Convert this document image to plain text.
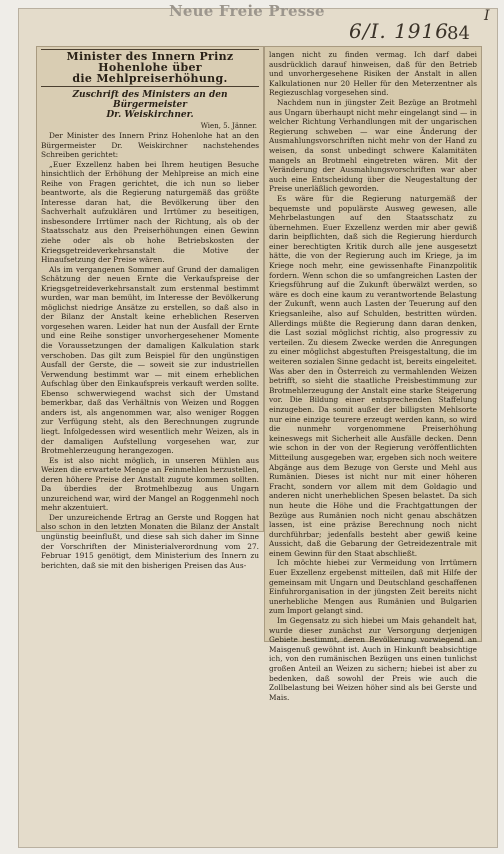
Neue Freie Presse
6/I. 1916
84
I
Minister des Innern Prinz Hohenlohe über
die Mehlpreiserhöhung.
Zuschrift des Ministers an den Bürgermeister
Dr. Weiskirchner.
Wien, 5. Jänner.

Der Minister des Innern Prinz Hohenlohe hat an den Bürgermeister Dr. Weiskirchner nachstehendes Schreiben gerichtet:

„Euer Exzellenz haben bei Ihrem heutigen Besuche hinsichtlich der Erhöhung der Mehlpreise an mich eine Reihe von Fragen gerichtet, die ich nun so lieber beantworte, als die Regierung naturgemäß das größte Interesse daran hat, die Bevölkerung über den Sachverhalt aufzuklären und Irrtümer zu beseitigen, insbesondere Irrtümer nach der Richtung, als ob der Staatsschatz aus den Preiserhöhungen einen Gewinn ziehe oder als ob hohe Betriebskosten der Kriegsgetreideverkehrsanstalt die Motive der Hinaufsetzung der Preise wären.

Als im vergangenen Sommer auf Grund der damaligen Schätzung der neuen Ernte die Verkaufspreise der Kriegsgetreideverkehrsanstalt zum erstenmal bestimmt wurden, war man bemüht, im Interesse der Bevölkerung möglichst niedrige Ansätze zu erstellen, so daß also in der Bilanz der Anstalt keine erheblichen Reserven vorgesehen waren. Leider hat nun der Ausfall der Ernte und eine Reihe sonstiger unvorhergesehener Momente die Voraussetzungen der damaligen Kalkulation stark verschoben. Das gilt zum Beispiel für den ungünstigen Ausfall der Gerste, die — soweit sie zur industriellen Verwendung bestimmt war — mit einem erheblichen Aufschlag über den Einkaufspreis verkauft werden sollte. Ebenso schwerwiegend wachst sich der Umstand bemerkbar, daß das Verhältnis von Weizen und Roggen anders ist, als angenommen war, also weniger Roggen zur Verfügung steht, als den Berechnungen zugrunde liegt. Infolgedessen wird wesentlich mehr Weizen, als in der damaligen Aufstellung vorgesehen war, zur Brotmehlerzeugung herangezogen.

Es ist also nicht möglich, in unseren Mühlen aus Weizen die erwartete Menge an Feinmehlen herzustellen, deren höhere Preise der Anstalt zugute kommen sollten. Da überdies der Brotmehlbezug aus Ungarn unzureichend war, wird der Mangel an Roggenmehl noch mehr akzentuiert.

Der unzureichende Ertrag an Gerste und Roggen hat also schon in den letzten Monaten die Bilanz der Anstalt ungünstig beeinflußt, und diese sah sich daher im Sinne der Vorschriften der Ministerialverordnung vom 27. Februar 1915 genötigt, dem Ministerium des Innern zu berichten, daß sie mit den bisherigen Preisen das Aus-

langen nicht zu finden vermag. Ich darf dabei ausdrücklich darauf hinweisen, daß für den Betrieb und unvorhergesehene Risiken der Anstalt in allen Kalkulationen nur 20 Heller für den Meterzentner als Regiezuschlag vorgesehen sind.

Nachdem nun in jüngster Zeit Bezüge an Brotmehl aus Ungarn überhaupt nicht mehr eingelangt sind — in welcher Richtung Verhandlungen mit der ungarischen Regierung schweben — war eine Änderung der Ausmahlungsvorschriften nicht mehr von der Hand zu weisen, da sonst unbedingt schwere Kalamitäten mangels an Brotmehl eingetreten wären. Mit der Veränderung der Ausmahlungsvorschriften war aber auch eine Entscheidung über die Neugestaltung der Preise unerläßlich geworden.

Es wäre für die Regierung naturgemäß der bequemste und populärste Ausweg gewesen, alle Mehrbelastungen auf den Staatsschatz zu übernehmen. Euer Exzellenz werden mir aber gewiß darin beipflichten, daß sich die Regierung hierdurch einer berechtigten Kritik durch alle jene ausgesetzt hätte, die von der Regierung auch im Kriege, ja im Kriege noch mehr, eine gewissenhafte Finanzpolitik fordern. Wenn schon die so umfangreichen Lasten der Kriegsführung auf die Zukunft überwälzt werden, so wäre es doch eine kaum zu verantwortende Belastung der Zukunft, wenn auch Lasten der Teuerung auf den Kriegsanleihe, also auf Schulden, bestritten würden. Allerdings müßte die Regierung dann daran denken, die Last sozial möglichst richtig, also progressiv zu verteilen. Zu diesem Zwecke werden die Anregungen zu einer möglichst abgestuften Preisgestaltung, die im weiteren sozialen Sinne gedacht ist, bereits eingeleitet. Was aber den in Österreich zu vermahlenden Weizen betrifft, so sieht die staatliche Preisbestimmung zur Brotmehlerzeugung der Anstalt eine starke Steigerung vor. Die Bildung einer entsprechenden Staffelung einzugeben. Da somit außer der billigsten Mehlsorte nur eine einzige teurere erzeugt werden kann, so wird die nunmehr vorgenommene Preiserhöhung keineswegs mit Sicherheit alle Ausfälle decken. Denn wie schon in der von der Regierung veröffentlichten Mitteilung ausgegeben war, ergeben sich noch weitere Abgänge aus dem Bezuge von Gerste und Mehl aus Rumänien. Dieses ist nicht nur mit einer höheren Fracht, sondern vor allem mit dem Goldagio und anderen nicht unerheblichen Spesen belastet. Da sich nun heute die Höhe und die Frachtgattungen der Bezüge aus Rumänien noch nicht genau abschätzen lassen, ist eine präzise Berechnung noch nicht durchführbar; jedenfalls besteht aber gewiß keine Aussicht, daß die Gebarung der Getreidezentrale mit einem Gewinn für den Staat abschließt.

Ich möchte hiebei zur Vermeidung von Irrtümern Euer Exzellenz ergebenst mitteilen, daß mit Hilfe der gemeinsam mit Ungarn und Deutschland geschaffenen Einfuhrorganisation in der jüngsten Zeit bereits nicht unerhebliche Mengen aus Rumänien und Bulgarien zum Import gelangt sind.

Im Gegensatz zu sich hiebei um Mais gehandelt hat, wurde dieser zunächst zur Versorgung derjenigen Gebiete bestimmt, deren Bevölkerung vorwiegend an Maisgenuß gewöhnt ist. Auch in Hinkunft beabsichtige ich, von den rumänischen Bezügen uns einen tunlichst großen Anteil an Weizen zu sichern; hiebei ist aber zu bedenken, daß sowohl der Preis wie auch die Zollbelastung bei Weizen höher sind als bei Gerste und Mais.
